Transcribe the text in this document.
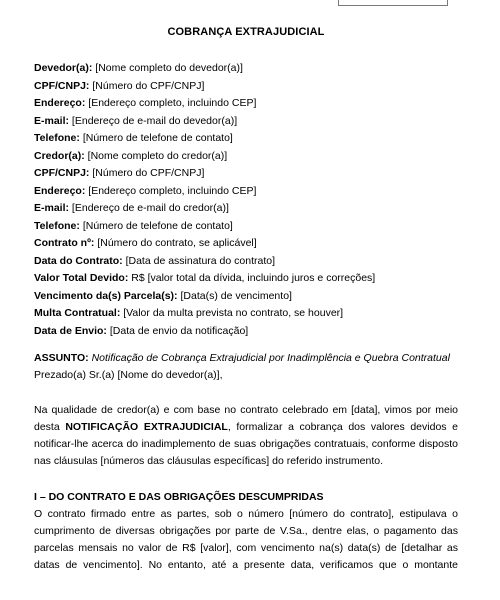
COBRANÇA EXTRAJUDICIAL
Devedor(a): [Nome completo do devedor(a)]
CPF/CNPJ: [Número do CPF/CNPJ]
Endereço: [Endereço completo, incluindo CEP]
E-mail: [Endereço de e-mail do devedor(a)]
Telefone: [Número de telefone de contato]
Credor(a): [Nome completo do credor(a)]
CPF/CNPJ: [Número do CPF/CNPJ]
Endereço: [Endereço completo, incluindo CEP]
E-mail: [Endereço de e-mail do credor(a)]
Telefone: [Número de telefone de contato]
Contrato nº: [Número do contrato, se aplicável]
Data do Contrato: [Data de assinatura do contrato]
Valor Total Devido: R$ [valor total da dívida, incluindo juros e correções]
Vencimento da(s) Parcela(s): [Data(s) de vencimento]
Multa Contratual: [Valor da multa prevista no contrato, se houver]
Data de Envio: [Data de envio da notificação]
ASSUNTO: Notificação de Cobrança Extrajudicial por Inadimplência e Quebra Contratual
Prezado(a) Sr.(a) [Nome do devedor(a)],
Na qualidade de credor(a) e com base no contrato celebrado em [data], vimos por meio
desta NOTIFICAÇÃO EXTRAJUDICIAL, formalizar a cobrança dos valores devidos e
notificar-lhe acerca do inadimplemento de suas obrigações contratuais, conforme disposto
nas cláusulas [números das cláusulas específicas] do referido instrumento.
I – DO CONTRATO E DAS OBRIGAÇÕES DESCUMPRIDAS
O contrato firmado entre as partes, sob o número [número do contrato], estipulava o
cumprimento de diversas obrigações por parte de V.Sa., dentre elas, o pagamento das
parcelas mensais no valor de R$ [valor], com vencimento na(s) data(s) de [detalhar as
datas de vencimento]. No entanto, até a presente data, verificamos que o montante
